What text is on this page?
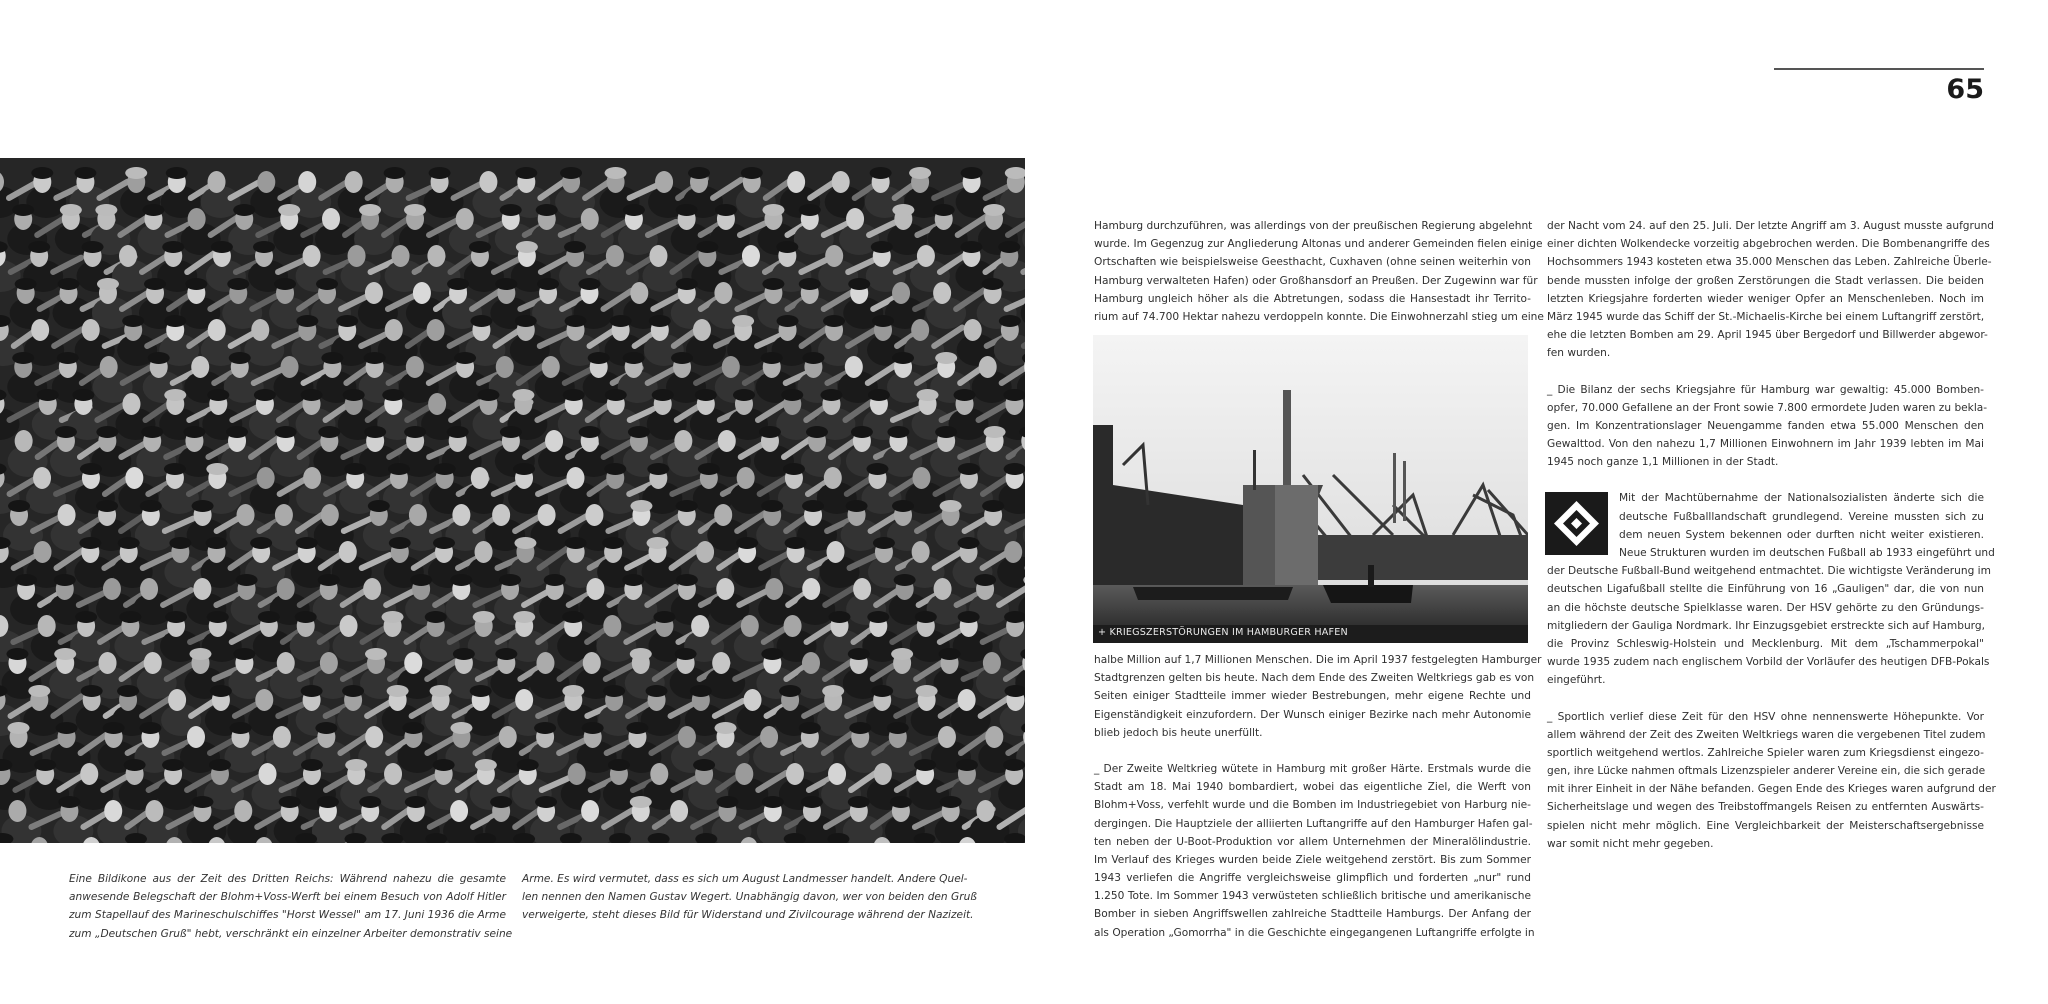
65
Eine Bildikone aus der Zeit des Dritten Reichs: Während nahezu die gesamte
anwesende Belegschaft der Blohm+Voss-Werft bei einem Besuch von Adolf Hitler
zum Stapellauf des Marineschulschiffes "Horst Wessel" am 17. Juni 1936 die Arme
zum „Deutschen Gruß" hebt, verschränkt ein einzelner Arbeiter demonstrativ seine
Arme. Es wird vermutet, dass es sich um August Landmesser handelt. Andere Quel-
len nennen den Namen Gustav Wegert. Unabhängig davon, wer von beiden den Gruß
verweigerte, steht dieses Bild für Widerstand und Zivilcourage während der Nazizeit.
Hamburg durchzuführen, was allerdings von der preußischen Regierung abgelehnt
wurde. Im Gegenzug zur Angliederung Altonas und anderer Gemeinden fielen einige
Ortschaften wie beispielsweise Geesthacht, Cuxhaven (ohne seinen weiterhin von
Hamburg verwalteten Hafen) oder Großhansdorf an Preußen. Der Zugewinn war für
Hamburg ungleich höher als die Abtretungen, sodass die Hansestadt ihr Territo-
rium auf 74.700 Hektar nahezu verdoppeln konnte. Die Einwohnerzahl stieg um eine
+ KRIEGSZERSTÖRUNGEN IM HAMBURGER HAFEN
halbe Million auf 1,7 Millionen Menschen. Die im April 1937 festgelegten Hamburger
Stadtgrenzen gelten bis heute. Nach dem Ende des Zweiten Weltkriegs gab es von
Seiten einiger Stadtteile immer wieder Bestrebungen, mehr eigene Rechte und
Eigenständigkeit einzufordern. Der Wunsch einiger Bezirke nach mehr Autonomie
blieb jedoch bis heute unerfüllt.
_ Der Zweite Weltkrieg wütete in Hamburg mit großer Härte. Erstmals wurde die
Stadt am 18. Mai 1940 bombardiert, wobei das eigentliche Ziel, die Werft von
Blohm+Voss, verfehlt wurde und die Bomben im Industriegebiet von Harburg nie-
dergingen. Die Hauptziele der alliierten Luftangriffe auf den Hamburger Hafen gal-
ten neben der U-Boot-Produktion vor allem Unternehmen der Mineralölindustrie.
Im Verlauf des Krieges wurden beide Ziele weitgehend zerstört. Bis zum Sommer
1943 verliefen die Angriffe vergleichsweise glimpflich und forderten „nur" rund
1.250 Tote. Im Sommer 1943 verwüsteten schließlich britische und amerikanische
Bomber in sieben Angriffswellen zahlreiche Stadtteile Hamburgs. Der Anfang der
als Operation „Gomorrha" in die Geschichte eingegangenen Luftangriffe erfolgte in
der Nacht vom 24. auf den 25. Juli. Der letzte Angriff am 3. August musste aufgrund
einer dichten Wolkendecke vorzeitig abgebrochen werden. Die Bombenangriffe des
Hochsommers 1943 kosteten etwa 35.000 Menschen das Leben. Zahlreiche Überle-
bende mussten infolge der großen Zerstörungen die Stadt verlassen. Die beiden
letzten Kriegsjahre forderten wieder weniger Opfer an Menschenleben. Noch im
März 1945 wurde das Schiff der St.-Michaelis-Kirche bei einem Luftangriff zerstört,
ehe die letzten Bomben am 29. April 1945 über Bergedorf und Billwerder abgewor-
fen wurden.
_ Die Bilanz der sechs Kriegsjahre für Hamburg war gewaltig: 45.000 Bomben-
opfer, 70.000 Gefallene an der Front sowie 7.800 ermordete Juden waren zu bekla-
gen. Im Konzentrationslager Neuengamme fanden etwa 55.000 Menschen den
Gewalttod. Von den nahezu 1,7 Millionen Einwohnern im Jahr 1939 lebten im Mai
1945 noch ganze 1,1 Millionen in der Stadt.
Mit der Machtübernahme der Nationalsozialisten änderte sich die
deutsche Fußballlandschaft grundlegend. Vereine mussten sich zu
dem neuen System bekennen oder durften nicht weiter existieren.
Neue Strukturen wurden im deutschen Fußball ab 1933 eingeführt und
der Deutsche Fußball-Bund weitgehend entmachtet. Die wichtigste Veränderung im
deutschen Ligafußball stellte die Einführung von 16 „Gauligen" dar, die von nun
an die höchste deutsche Spielklasse waren. Der HSV gehörte zu den Gründungs-
mitgliedern der Gauliga Nordmark. Ihr Einzugsgebiet erstreckte sich auf Hamburg,
die Provinz Schleswig-Holstein und Mecklenburg. Mit dem „Tschammerpokal"
wurde 1935 zudem nach englischem Vorbild der Vorläufer des heutigen DFB-Pokals
eingeführt.
_ Sportlich verlief diese Zeit für den HSV ohne nennenswerte Höhepunkte. Vor
allem während der Zeit des Zweiten Weltkriegs waren die vergebenen Titel zudem
sportlich weitgehend wertlos. Zahlreiche Spieler waren zum Kriegsdienst eingezo-
gen, ihre Lücke nahmen oftmals Lizenzspieler anderer Vereine ein, die sich gerade
mit ihrer Einheit in der Nähe befanden. Gegen Ende des Krieges waren aufgrund der
Sicherheitslage und wegen des Treibstoffmangels Reisen zu entfernten Auswärts-
spielen nicht mehr möglich. Eine Vergleichbarkeit der Meisterschaftsergebnisse
war somit nicht mehr gegeben.
